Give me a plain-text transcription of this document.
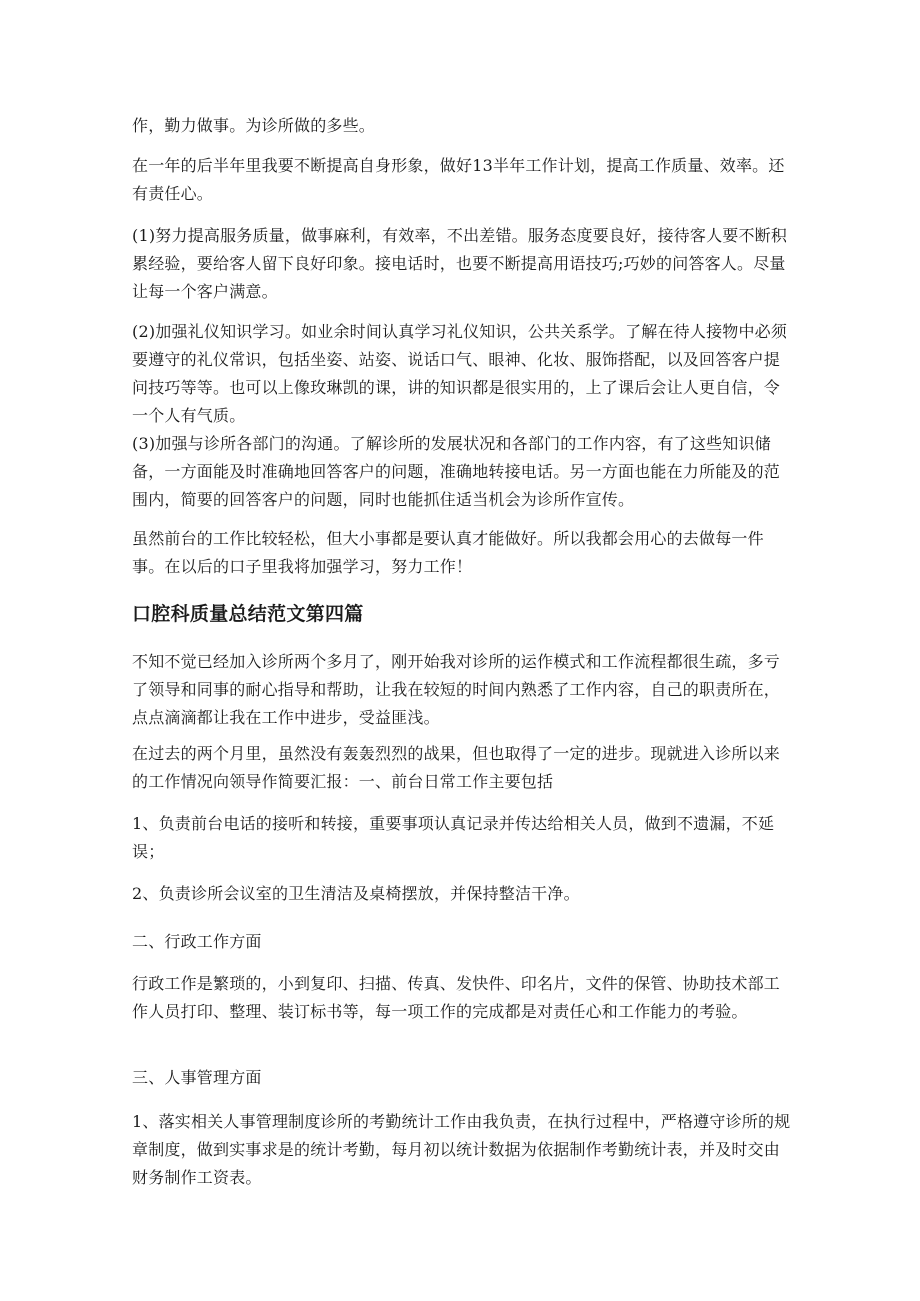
作，勤力做事。为诊所做的多些。

在一年的后半年里我要不断提高自身形象，做好13半年工作计划，提高工作质量、效率。还有责任心。

(1)努力提高服务质量，做事麻利，有效率，不出差错。服务态度要良好，接待客人要不断积累经验，要给客人留下良好印象。接电话时，也要不断提高用语技巧;巧妙的问答客人。尽量让每一个客户满意。

(2)加强礼仪知识学习。如业余时间认真学习礼仪知识，公共关系学。了解在待人接物中必须要遵守的礼仪常识，包括坐姿、站姿、说话口气、眼神、化妆、服饰搭配，以及回答客户提问技巧等等。也可以上像玫琳凯的课，讲的知识都是很实用的，上了课后会让人更自信，令一个人有气质。

(3)加强与诊所各部门的沟通。了解诊所的发展状况和各部门的工作内容，有了这些知识储备，一方面能及时准确地回答客户的问题，准确地转接电话。另一方面也能在力所能及的范围内，简要的回答客户的问题，同时也能抓住适当机会为诊所作宣传。

虽然前台的工作比较轻松，但大小事都是要认真才能做好。所以我都会用心的去做每一件事。在以后的口子里我将加强学习，努力工作！

口腔科质量总结范文第四篇

不知不觉已经加入诊所两个多月了，刚开始我对诊所的运作模式和工作流程都很生疏，多亏了领导和同事的耐心指导和帮助，让我在较短的时间内熟悉了工作内容，自己的职责所在，点点滴滴都让我在工作中进步，受益匪浅。

在过去的两个月里，虽然没有轰轰烈烈的战果，但也取得了一定的进步。现就进入诊所以来的工作情况向领导作简要汇报：一、前台日常工作主要包括

1、负责前台电话的接听和转接，重要事项认真记录并传达给相关人员，做到不遗漏，不延误；

2、负责诊所会议室的卫生清洁及桌椅摆放，并保持整洁干净。

二、行政工作方面

行政工作是繁琐的，小到复印、扫描、传真、发快件、印名片，文件的保管、协助技术部工作人员打印、整理、装订标书等，每一项工作的完成都是对责任心和工作能力的考验。

三、人事管理方面

1、落实相关人事管理制度诊所的考勤统计工作由我负责，在执行过程中，严格遵守诊所的规章制度，做到实事求是的统计考勤，每月初以统计数据为依据制作考勤统计表，并及时交由财务制作工资表。
